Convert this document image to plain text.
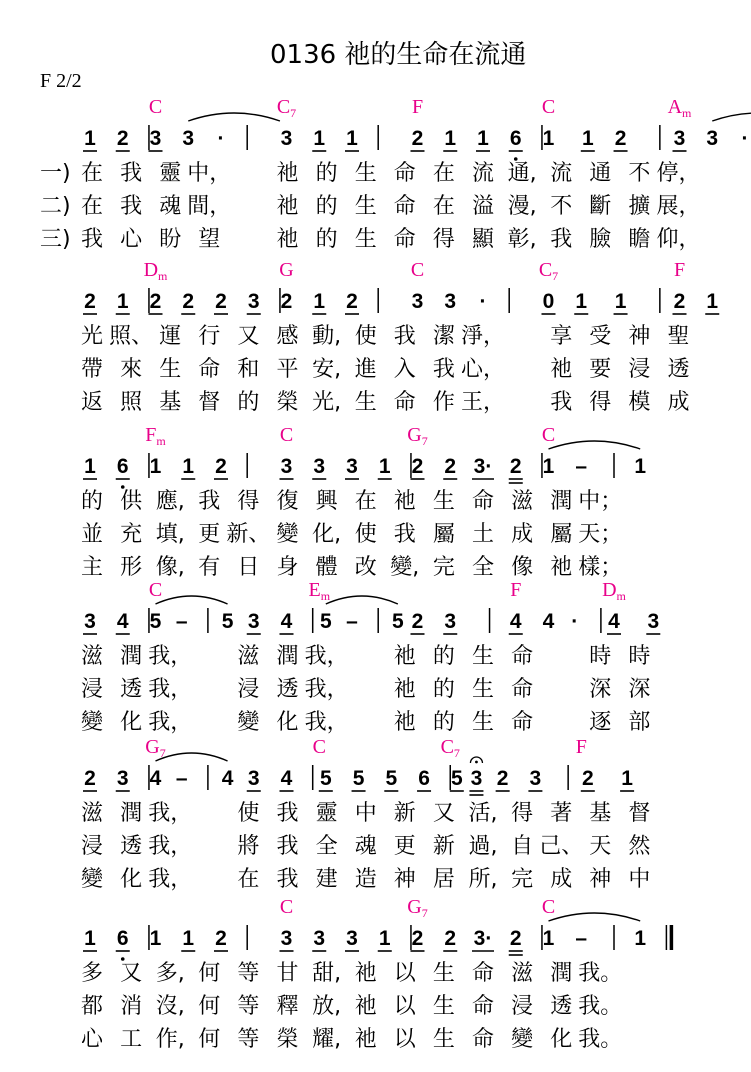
0136 祂的生命在流通
F 2/2
C	$C_7$	F	C	$A_m$
1 2 3 3 ·	3 1 1	2 1 1 6 1 1 2 3 3 ·
一) 在 我 靈 中， 祂 的 生 命 在 流 通, 流 通 不 停，
二) 在 我 魂 間， 祂 的 生 命 在 溢 漫, 不 斷 擴 展，
三) 我 心 盼 望	祂 的 生 命 得 顯 彰, 我 臉 瞻 仰，
$D_m$	G	C	$C_7$	F
2 1 2 2 2 3 2 1 2	3 3 ·	0 1 1 2 1
光 照、 運 行 又 感 動, 使 我 潔 淨， 享 受 神 聖
帶 來 生 命 和 平 安, 進 入 我 心， 祂 要 浸 透
返 照 基 督 的 榮 光, 生 命 作 王， 我 得 模 成
$F_m$	C	$G_7$	C
1 6 1 1 2	3 3 3 1 2 2 3· 2 1 – 1
的 供 應, 我 得 復 興 在 祂 生 命 滋 潤 中；
並 充 填, 更 新、 變 化, 使 我 屬 土 成 屬 天；
主 形 像, 有 日 身 體 改 變, 完 全 像 祂 樣；
C	$E_m$	F	$D_m$
3 4 5 – 5 3 4 5 – 5 2 3	4 4 · 4 3
滋 潤 我， 滋 潤 我， 祂 的 生 命	時 時
浸 透 我， 浸 透 我， 祂 的 生 命	深 深
變 化 我， 變 化 我， 祂 的 生 命	逐 部
$G_7$	C	$C_7$	F
2 3 4 – 4 3 4 5 5 5 6 5 3 2 3 2 1
滋 潤 我， 使 我 靈 中 新 又 活, 得 著 基 督
浸 透 我， 將 我 全 魂 更 新 過, 自 己、 天 然
變 化 我， 在 我 建 造 神 居 所, 完 成 神 中
C	$G_7$	C
1 6 1 1 2	3 3 3 1 2 2 3· 2 1 – 1
多 又 多, 何 等 甘 甜, 祂 以 生 命 滋 潤 我。
都 消 沒, 何 等 釋 放, 祂 以 生 命 浸 透 我。
心 工 作, 何 等 榮 耀, 祂 以 生 命 變 化 我。
